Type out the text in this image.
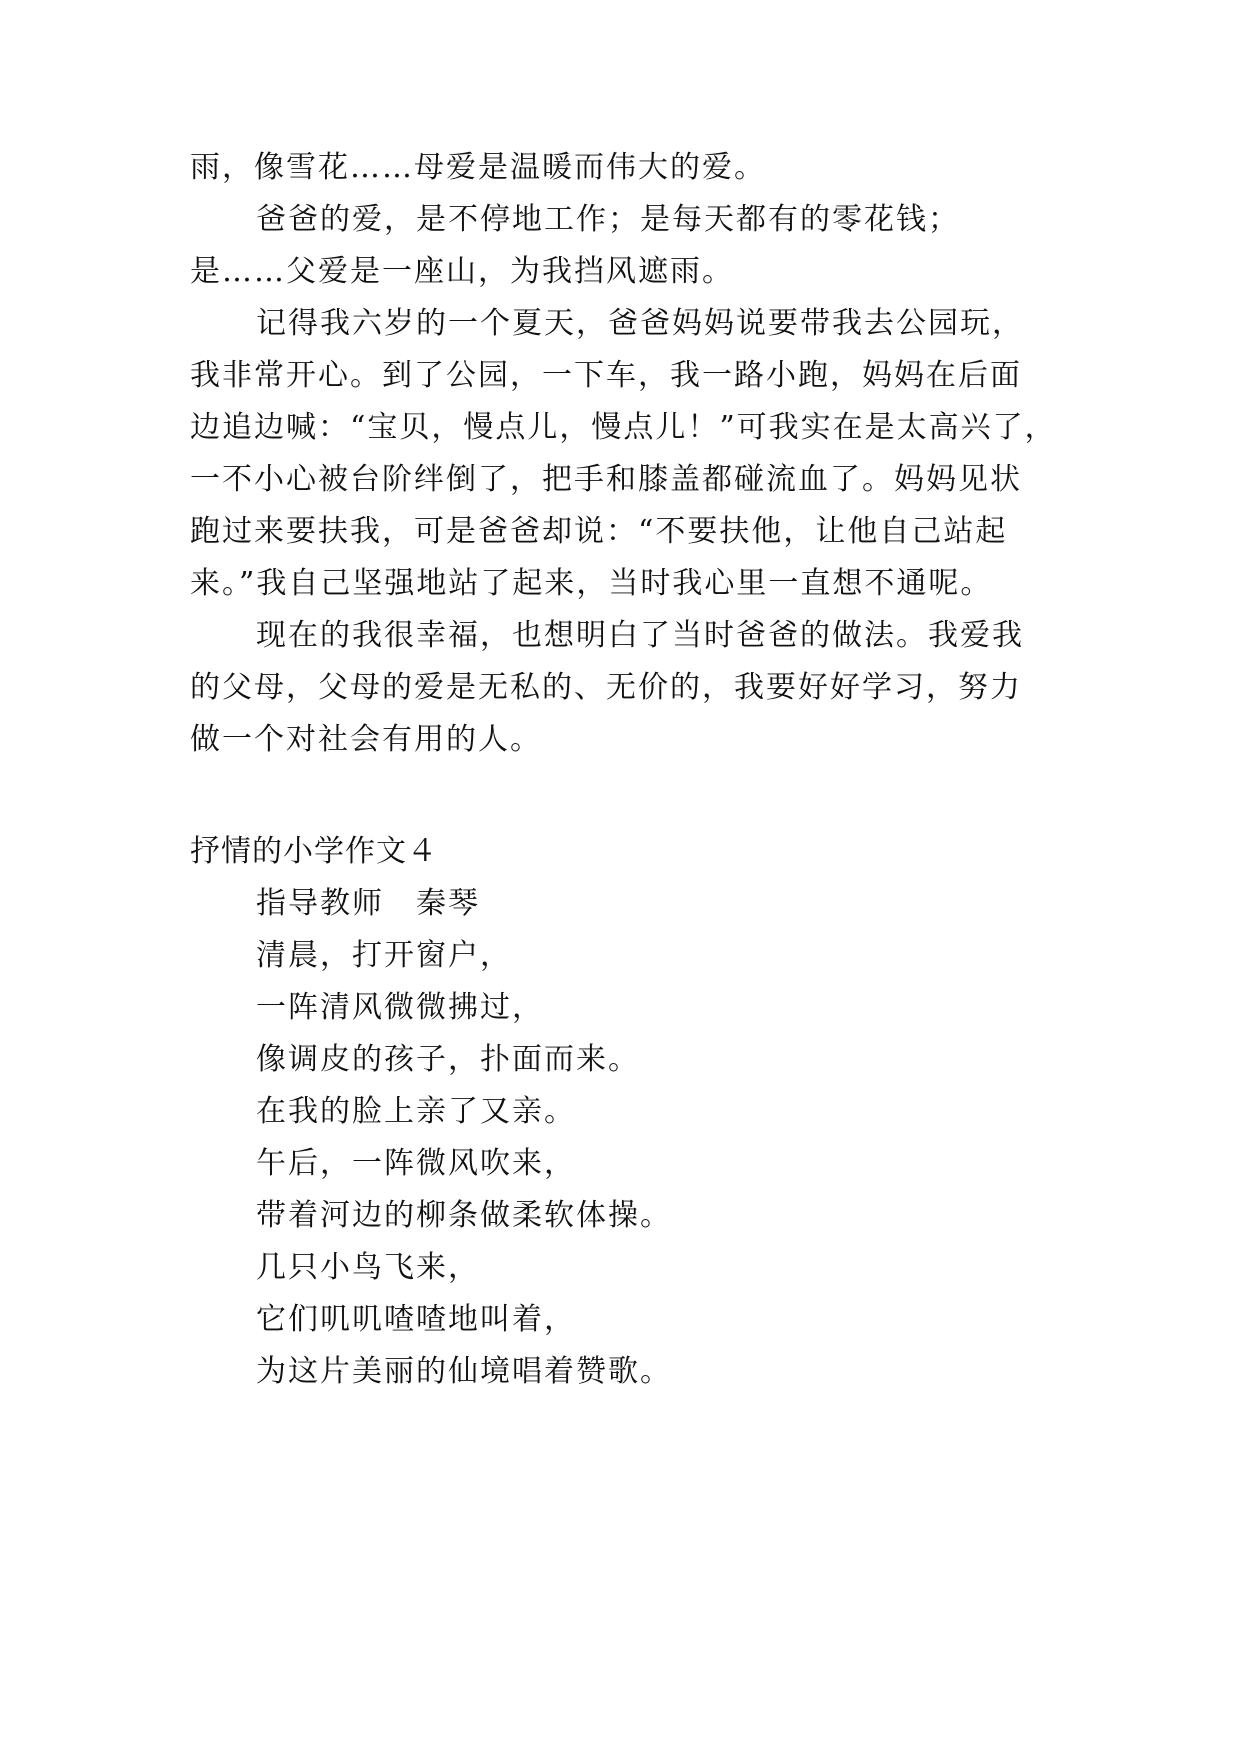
雨，像雪花……母爱是温暖而伟大的爱。
爸爸的爱，是不停地工作；是每天都有的零花钱；
是……父爱是一座山，为我挡风遮雨。
记得我六岁的一个夏天，爸爸妈妈说要带我去公园玩，
我非常开心。到了公园，一下车，我一路小跑，妈妈在后面
边追边喊：“宝贝，慢点儿，慢点儿！”可我实在是太高兴了，
一不小心被台阶绊倒了，把手和膝盖都碰流血了。妈妈见状
跑过来要扶我，可是爸爸却说：“不要扶他，让他自己站起
来。”我自己坚强地站了起来，当时我心里一直想不通呢。
现在的我很幸福，也想明白了当时爸爸的做法。我爱我
的父母，父母的爱是无私的、无价的，我要好好学习，努力
做一个对社会有用的人。
抒情的小学作文４
指导教师　秦琴
清晨，打开窗户，
一阵清风微微拂过，
像调皮的孩子，扑面而来。
在我的脸上亲了又亲。
午后，一阵微风吹来，
带着河边的柳条做柔软体操。
几只小鸟飞来，
它们叽叽喳喳地叫着，
为这片美丽的仙境唱着赞歌。
